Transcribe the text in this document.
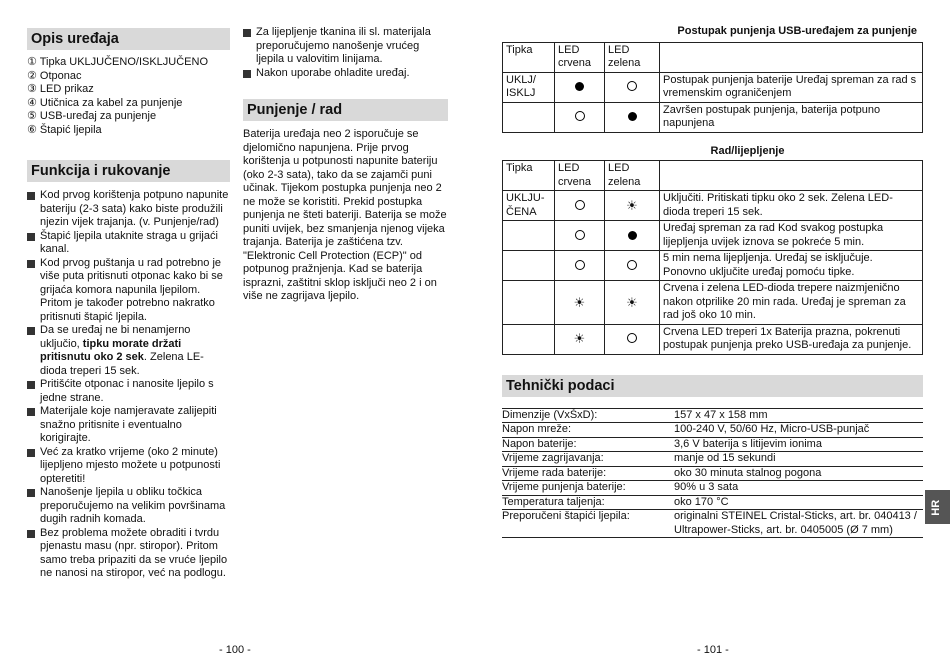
Opis uređaja
① Tipka UKLJUČENO/ISKLJUČENO
② Otponac
③ LED prikaz
④ Utičnica za kabel za punjenje
⑤ USB-uređaj za punjenje
⑥ Štapić ljepila
Funkcija i rukovanje
Kod prvog korištenja potpuno napunite bateriju (2-3 sata) kako biste produžili njezin vijek trajanja. (v. Punjenje/rad)
Štapić ljepila utaknite straga u grijaći kanal.
Kod prvog puštanja u rad potrebno je više puta pritisnuti otponac kako bi se grijaća komora napunila ljepilom. Pritom je također potrebno nakratko pritisnuti štapić ljepila.
Da se uređaj ne bi nenamjerno uključio, tipku morate držati pritisnutu oko 2 sek. Zelena LE-dioda treperi 15 sek.
Pritišćite otponac i nanosite ljepilo s jedne strane.
Materijale koje namjeravate zalijepiti snažno pritisnite i eventualno korigirajte.
Već za kratko vrijeme (oko 2 minute) lijepljeno mjesto možete u potpunosti opteretiti!
Nanošenje ljepila u obliku točkica preporučujemo na velikim površinama dugih radnih komada.
Bez problema možete obraditi i tvrdu pjenastu masu (npr. stiropor). Pritom samo treba pripaziti da se vruće ljepilo ne nanosi na stiropor, već na podlogu.
- 100 -
Za lijepljenje tkanina ili sl. materijala preporučujemo nanošenje vrućeg ljepila u valovitim linijama.
Nakon uporabe ohladite uređaj.
Punjenje / rad
Baterija uređaja neo 2 isporučuje se djelomično napunjena. Prije prvog korištenja u potpunosti napunite bateriju (oko 2-3 sata), tako da se zajamči puni učinak. Tijekom postupka punjenja neo 2 ne može se koristiti. Prekid postupka punjenja ne šteti bateriji. Baterija se može puniti uvijek, bez smanjenja njenog vijeka trajanja. Baterija je zaštićena tzv. "Elektronic Cell Protection (ECP)" od potpunog pražnjenja. Kad se baterija isprazni, zaštitni sklop isključi neo 2 i on više ne zagrijava ljepilo.
Postupak punjenja USB-uređajem za punjenje
Tipka	LED crvena	LED zelena	
UKLJ/ ISKLJ			Postupak punjenja baterije Uređaj spreman za rad s vremenskim ograničenjem
			Završen postupak punjenja, baterija potpuno napunjena
Rad/lijepljenje
Tipka	LED crvena	LED zelena	
UKLJU-ČENA		☀	Uključiti. Pritiskati tipku oko 2 sek. Zelena LED-dioda treperi 15 sek.
			Uređaj spreman za rad Kod svakog postupka lijepljenja uvijek iznova se pokreće 5 min.
			5 min nema lijepljenja. Uređaj se isključuje. Ponovno uključite uređaj pomoću tipke.
	☀	☀	Crvena i zelena LED-dioda trepere naizmjenično nakon otprilike 20 min rada. Uređaj je spreman za rad još oko 10 min.
	☀		Crvena LED treperi 1x Baterija prazna, pokrenuti postupak punjenja preko USB-uređaja za punjenje.
Tehnički podaci
Dimenzije (VxŠxD):	157 x 47 x 158 mm
Napon mreže:	100-240 V, 50/60 Hz, Micro-USB-punjač
Napon baterije:	3,6 V baterija s litijevim ionima
Vrijeme zagrijavanja:	manje od 15 sekundi
Vrijeme rada baterije:	oko 30 minuta stalnog pogona
Vrijeme punjenja baterije:	90% u 3 sata
Temperatura taljenja:	oko 170 °C
Preporučeni štapići ljepila:	originalni STEINEL Cristal-Sticks, art. br. 040413 / Ultrapower-Sticks, art. br. 0405005 (Ø 7 mm)
- 101 -
HR
